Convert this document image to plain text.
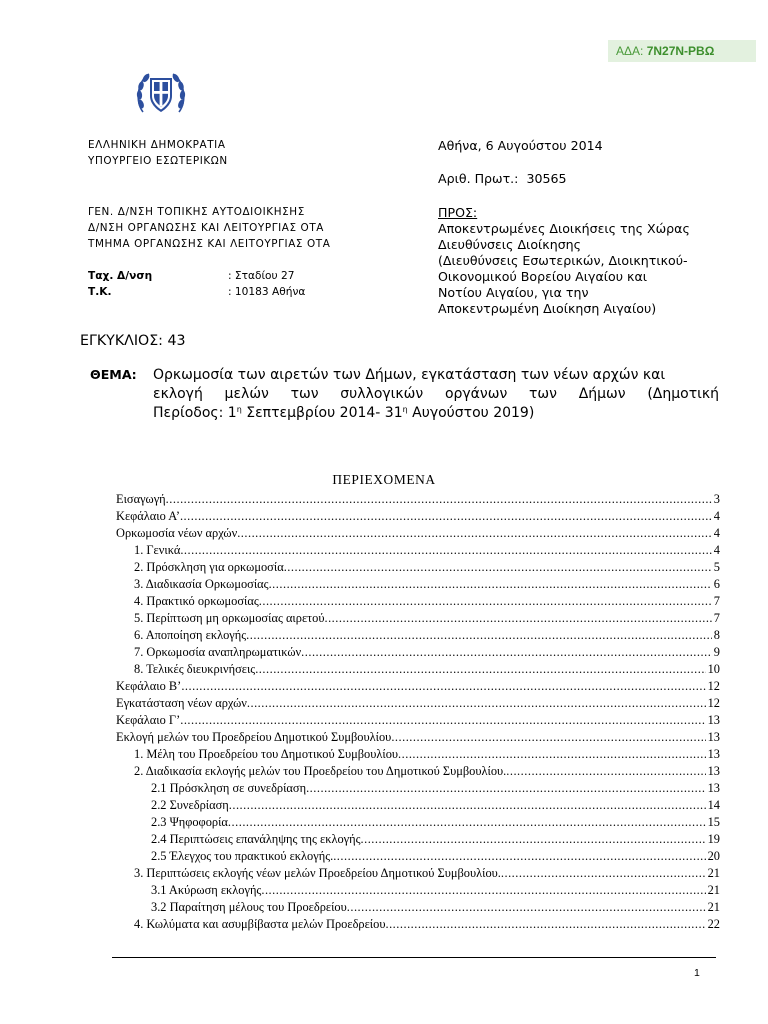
ΑΔΑ: 7Ν27Ν-ΡΒΩ
ΕΛΛΗΝΙΚΗ ΔΗΜΟΚΡΑΤΙΑ
ΥΠΟΥΡΓΕΙΟ ΕΣΩΤΕΡΙΚΩΝ
ΓΕΝ. Δ/ΝΣΗ ΤΟΠΙΚΗΣ ΑΥΤΟΔΙΟΙΚΗΣΗΣ
Δ/ΝΣΗ ΟΡΓΑΝΩΣΗΣ ΚΑΙ ΛΕΙΤΟΥΡΓΙΑΣ ΟΤΑ
ΤΜΗΜΑ ΟΡΓΑΝΩΣΗΣ ΚΑΙ ΛΕΙΤΟΥΡΓΙΑΣ ΟΤΑ
Ταχ. Δ/νση	: Σταδίου 27
Τ.Κ.	: 10183 Αθήνα
Αθήνα, 6 Αυγούστου 2014
Αριθ. Πρωτ.: 30565
ΠΡΟΣ:
Αποκεντρωμένες Διοικήσεις της Χώρας
Διευθύνσεις Διοίκησης
(Διευθύνσεις Εσωτερικών, Διοικητικού-
Οικονομικού Βορείου Αιγαίου και
Νοτίου Αιγαίου, για την
Αποκεντρωμένη Διοίκηση Αιγαίου)
ΕΓΚΥΚΛΙΟΣ: 43
ΘΕΜΑ: Ορκωμοσία των αιρετών των Δήμων, εγκατάσταση των νέων αρχών και
εκλογή μελών των συλλογικών οργάνων των Δήμων (Δημοτική
Περίοδος: $1^\eta$ Σεπτεμβρίου 2014- $31^\eta$ Αυγούστου 2019)
ΠΕΡΙΕΧΟΜΕΝΑ
Εισαγωγή .....	3
Κεφάλαιο Α’ .....	4
Ορκωμοσία νέων αρχών .....	4
1. Γενικά .....	4
2. Πρόσκληση για ορκωμοσία .....	5
3. Διαδικασία Ορκωμοσίας .....	6
4. Πρακτικό ορκωμοσίας .....	7
5. Περίπτωση μη ορκωμοσίας αιρετού .....	7
6. Αποποίηση εκλογής .....	8
7. Ορκωμοσία αναπληρωματικών .....	9
8. Τελικές διευκρινήσεις .....	10
Κεφάλαιο Β’ .....	12
Εγκατάσταση νέων αρχών .....	12
Κεφάλαιο Γ’ .....	13
Εκλογή μελών του Προεδρείου Δημοτικού Συμβουλίου .....	13
1. Μέλη του Προεδρείου του Δημοτικού Συμβουλίου .....	13
2. Διαδικασία εκλογής μελών του Προεδρείου του Δημοτικού Συμβουλίου. .....	13
2.1 Πρόσκληση σε συνεδρίαση .....	13
2.2 Συνεδρίαση .....	14
2.3 Ψηφοφορία .....	15
2.4 Περιπτώσεις επανάληψης της εκλογής .....	19
2.5 Έλεγχος του πρακτικού εκλογής. .....	20
3. Περιπτώσεις εκλογής νέων μελών Προεδρείου Δημοτικού Συμβουλίου. .....	21
3.1 Ακύρωση εκλογής .....	21
3.2 Παραίτηση μέλους του Προεδρείου .....	21
4. Κωλύματα και ασυμβίβαστα μελών Προεδρείου .....	22
1
